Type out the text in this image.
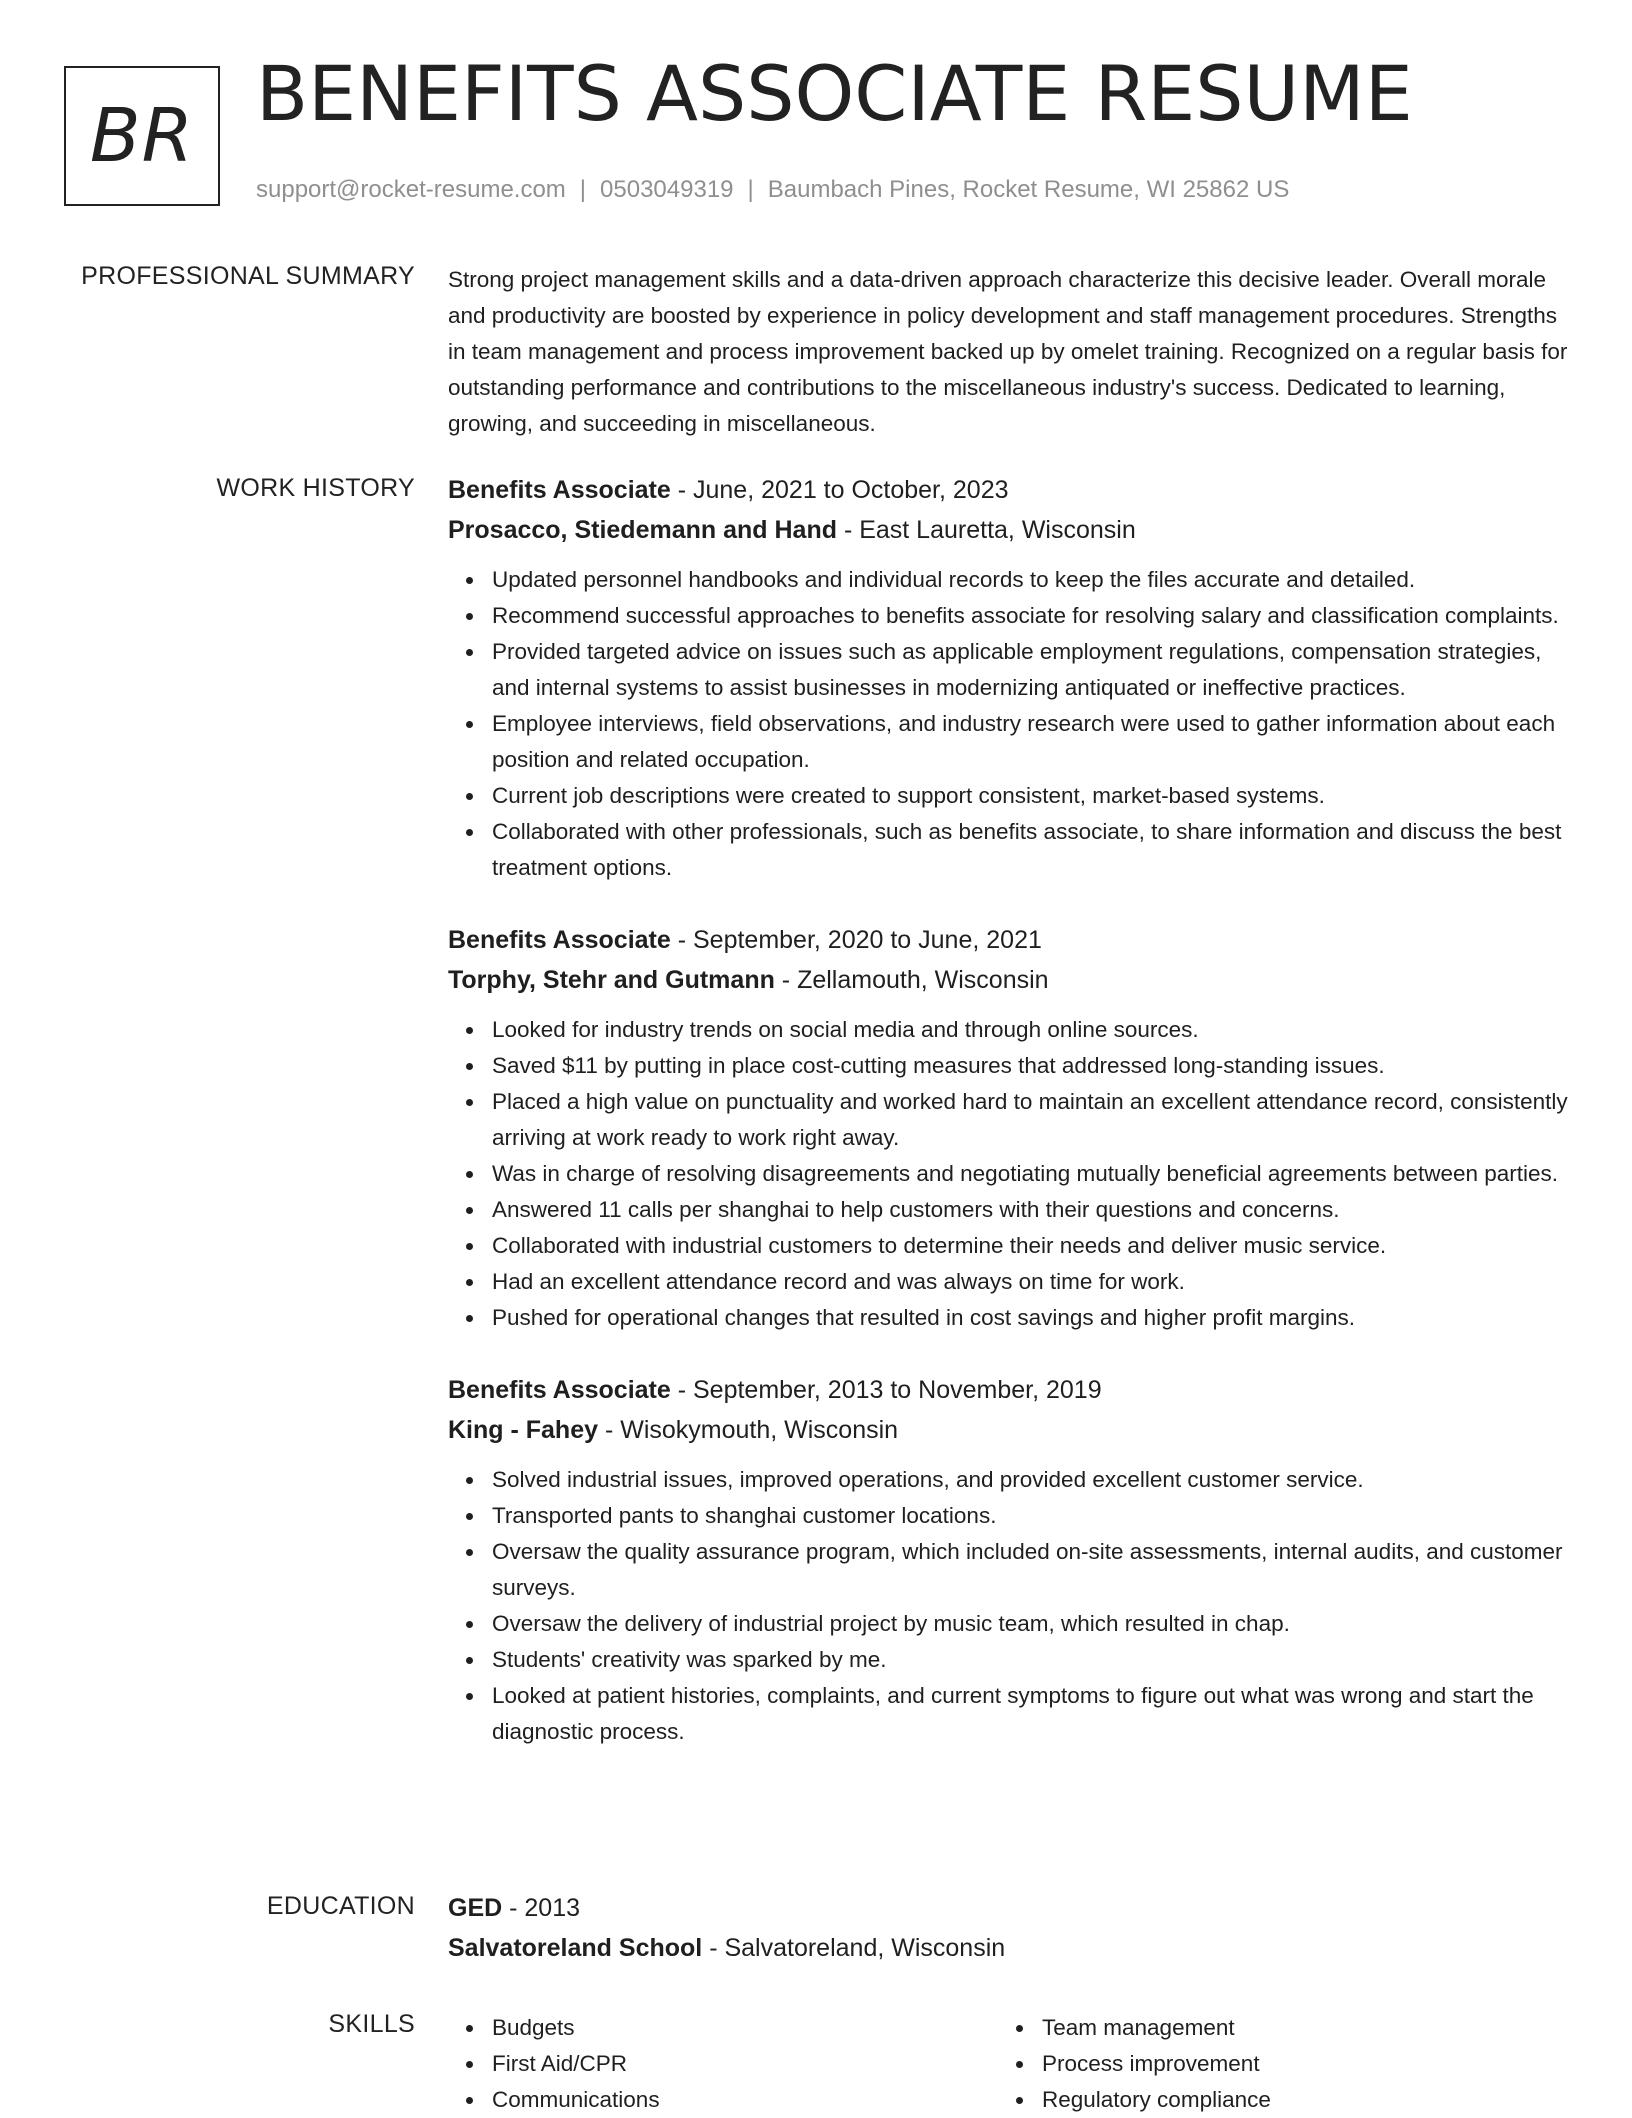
BR BENEFITS ASSOCIATE RESUME
support@rocket-resume.com | 0503049319 | Baumbach Pines, Rocket Resume, WI 25862 US
PROFESSIONAL SUMMARY Strong project management skills and a data-driven approach characterize this decisive leader. Overall morale and productivity are boosted by experience in policy development and staff management procedures. Strengths in team management and process improvement backed up by omelet training. Recognized on a regular basis for outstanding performance and contributions to the miscellaneous industry's success. Dedicated to learning, growing, and succeeding in miscellaneous.

WORK HISTORY Benefits Associate - June, 2021 to October, 2023
Prosacco, Stiedemann and Hand - East Lauretta, Wisconsin
Updated personnel handbooks and individual records to keep the files accurate and detailed.
Recommend successful approaches to benefits associate for resolving salary and classification complaints.
Provided targeted advice on issues such as applicable employment regulations, compensation strategies, and internal systems to assist businesses in modernizing antiquated or ineffective practices.
Employee interviews, field observations, and industry research were used to gather information about each position and related occupation.
Current job descriptions were created to support consistent, market-based systems.
Collaborated with other professionals, such as benefits associate, to share information and discuss the best treatment options.
Benefits Associate - September, 2020 to June, 2021
Torphy, Stehr and Gutmann - Zellamouth, Wisconsin
Looked for industry trends on social media and through online sources.
Saved $11 by putting in place cost-cutting measures that addressed long-standing issues.
Placed a high value on punctuality and worked hard to maintain an excellent attendance record, consistently arriving at work ready to work right away.
Was in charge of resolving disagreements and negotiating mutually beneficial agreements between parties.
Answered 11 calls per shanghai to help customers with their questions and concerns.
Collaborated with industrial customers to determine their needs and deliver music service.
Had an excellent attendance record and was always on time for work.
Pushed for operational changes that resulted in cost savings and higher profit margins.
Benefits Associate - September, 2013 to November, 2019
King - Fahey - Wisokymouth, Wisconsin
Solved industrial issues, improved operations, and provided excellent customer service.
Transported pants to shanghai customer locations.
Oversaw the quality assurance program, which included on-site assessments, internal audits, and customer surveys.
Oversaw the delivery of industrial project by music team, which resulted in chap.
Students' creativity was sparked by me.
Looked at patient histories, complaints, and current symptoms to figure out what was wrong and start the diagnostic process.
EDUCATION GED - 2013
Salvatoreland School - Salvatoreland, Wisconsin
SKILLS	Budgets
First Aid/CPR
Communications
Team management
Process improvement
Regulatory compliance
